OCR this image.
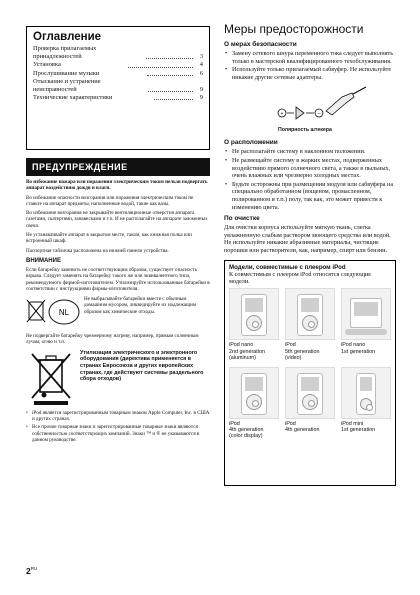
Оглавление
Проверка прилагаемых
принадлежностей	3
Установка	4
Прослушивание музыки	6
Отыскание и устранение
неисправностей	9
Технические характеристики	9
ПРЕДУПРЕЖДЕНИЕ

Во избежание пожара или поражения электрическим током нельзя подвергать аппарат воздействию дождя и влаги.

Во избежание опасности возгорания или поражения электрическим током не ставьте на аппарат предметы, наполненные водой, такие как вазы.

Во избежание возгорания не закрывайте вентиляционные отверстия аппарата газетами, скатертями, занавесками и т.п. И не располагайте на аппарате зажженных свечи.

Не устанавливайте аппарат в закрытом месте, таком, как книжная полка или встроенный шкаф.

Паспортная табличка расположена на нижней панели устройства.

ВНИМАНИЕ

Если батарейку заменить не соответствующим образом, существует опасность взрыва. Следует заменять на батарейку такого же или эквивалентного типа, рекомендуемого фирмой-изготовителем. Утилизируйте использованные батарейки в соответствии с инструкциями фирмы-изготовителя.

NL
Не выбрасывайте батарейки вместе с обычным домашним мусором, ликвидируйте их надлежащим образом как химические отходы.

Не подвергайте батарейку чрезмерному нагреву, например, прямым солнечным лучам, огню и т.п.

Утилизация электрического и электронного оборудования (директива применяется в странах Евросоюза и других европейских странах, где действуют системы раздельного сбора отходов)

• iPod является зарегистрированным товарным знаком Apple Computer, Inc. в США и других странах.

• Все прочие товарные знаки и зарегистрированные товарные знаки являются собственностью соответствующих компаний. Знаки ™ и ® не указываются в данном руководстве.

$2^{RU}$
Меры предосторожности

О мерах безопасности

• Замену сетевого шнура переменного тока следует выполнять только в мастерской квалифицированного техобслуживания.

• Используйте только прилагаемый сабвуфер. Не используйте никакие другие сетевые адаптеры.

+	–
Полярность штекера

О расположении

• Не располагайте систему в наклонном положении.

• Не размещайте систему в жарких местах, подверженных воздействию прямого солнечного света, а также в пыльных, очень влажных или чрезмерно холодных местах.

• Будьте осторожны при размещении модуля или сабвуфера на специально обработанном (вощеном, промасленном, полированном и т.п.) полу, так как, это может привести к изменению цвета.

По очистке

Для очистки корпуса используйте мягкую ткань, слегка увлажненную слабым раствором моющего средства или водой. Не используйте никакие абразивные материалы, чистящие порошки или растворители, как, например, спирт или бензин.

Модели, совместимые с плеером iPod

К совместимым с плеером iPod относятся следующие модели.

iPod nano
2nd generation
(aluminum)
iPod
5th generation
(video)
iPod nano
1st generation
iPod
4th generation
(color display)
iPod
4th generation
iPod mini
1st generation
